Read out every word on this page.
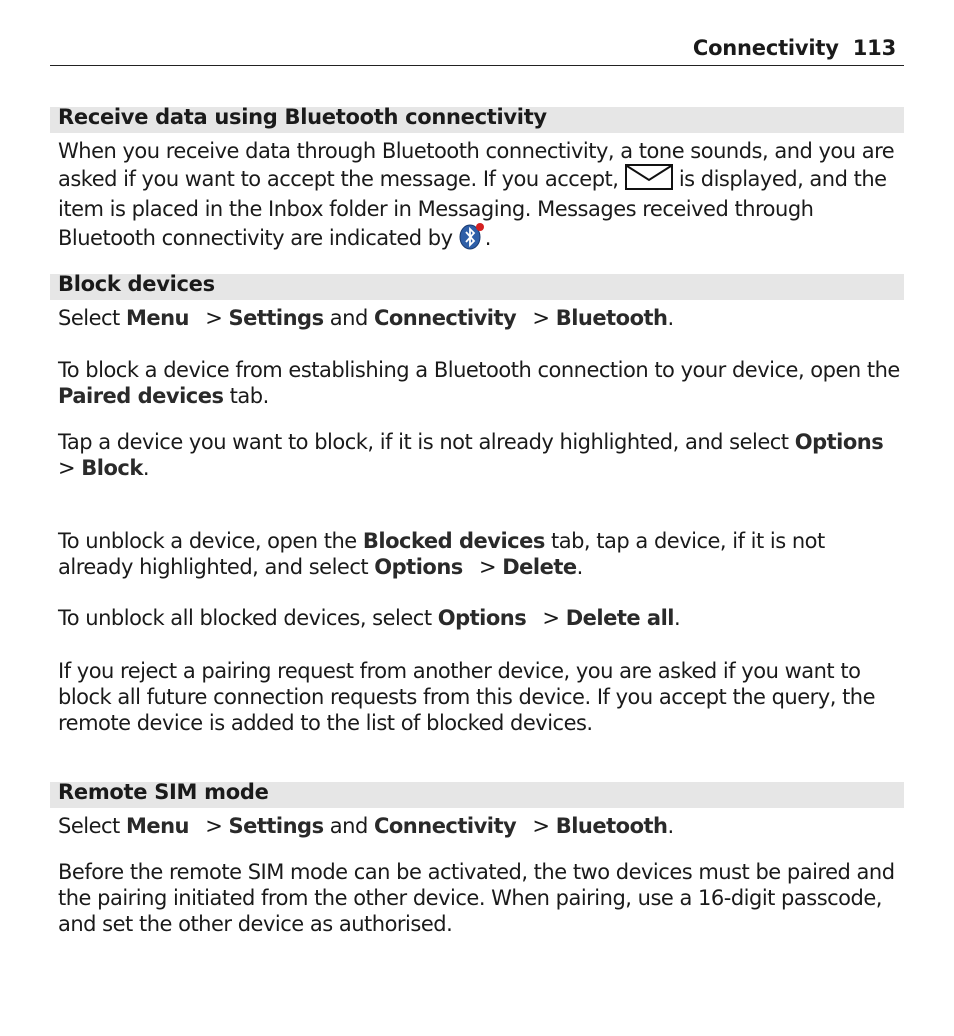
Connectivity 113
Receive data using Bluetooth connectivity
When you receive data through Bluetooth connectivity, a tone sounds, and you are asked if you want to accept the message. If you accept,  is displayed, and the item is placed in the Inbox folder in Messaging. Messages received through Bluetooth connectivity are indicated by .
Block devices
Select Menu > Settings and Connectivity > Bluetooth.
To block a device from establishing a Bluetooth connection to your device, open the Paired devices tab.
Tap a device you want to block, if it is not already highlighted, and select Options > Block.
To unblock a device, open the Blocked devices tab, tap a device, if it is not already highlighted, and select Options > Delete.
To unblock all blocked devices, select Options > Delete all.
If you reject a pairing request from another device, you are asked if you want to block all future connection requests from this device. If you accept the query, the remote device is added to the list of blocked devices.
Remote SIM mode
Select Menu > Settings and Connectivity > Bluetooth.
Before the remote SIM mode can be activated, the two devices must be paired and the pairing initiated from the other device. When pairing, use a 16-digit passcode, and set the other device as authorised.
